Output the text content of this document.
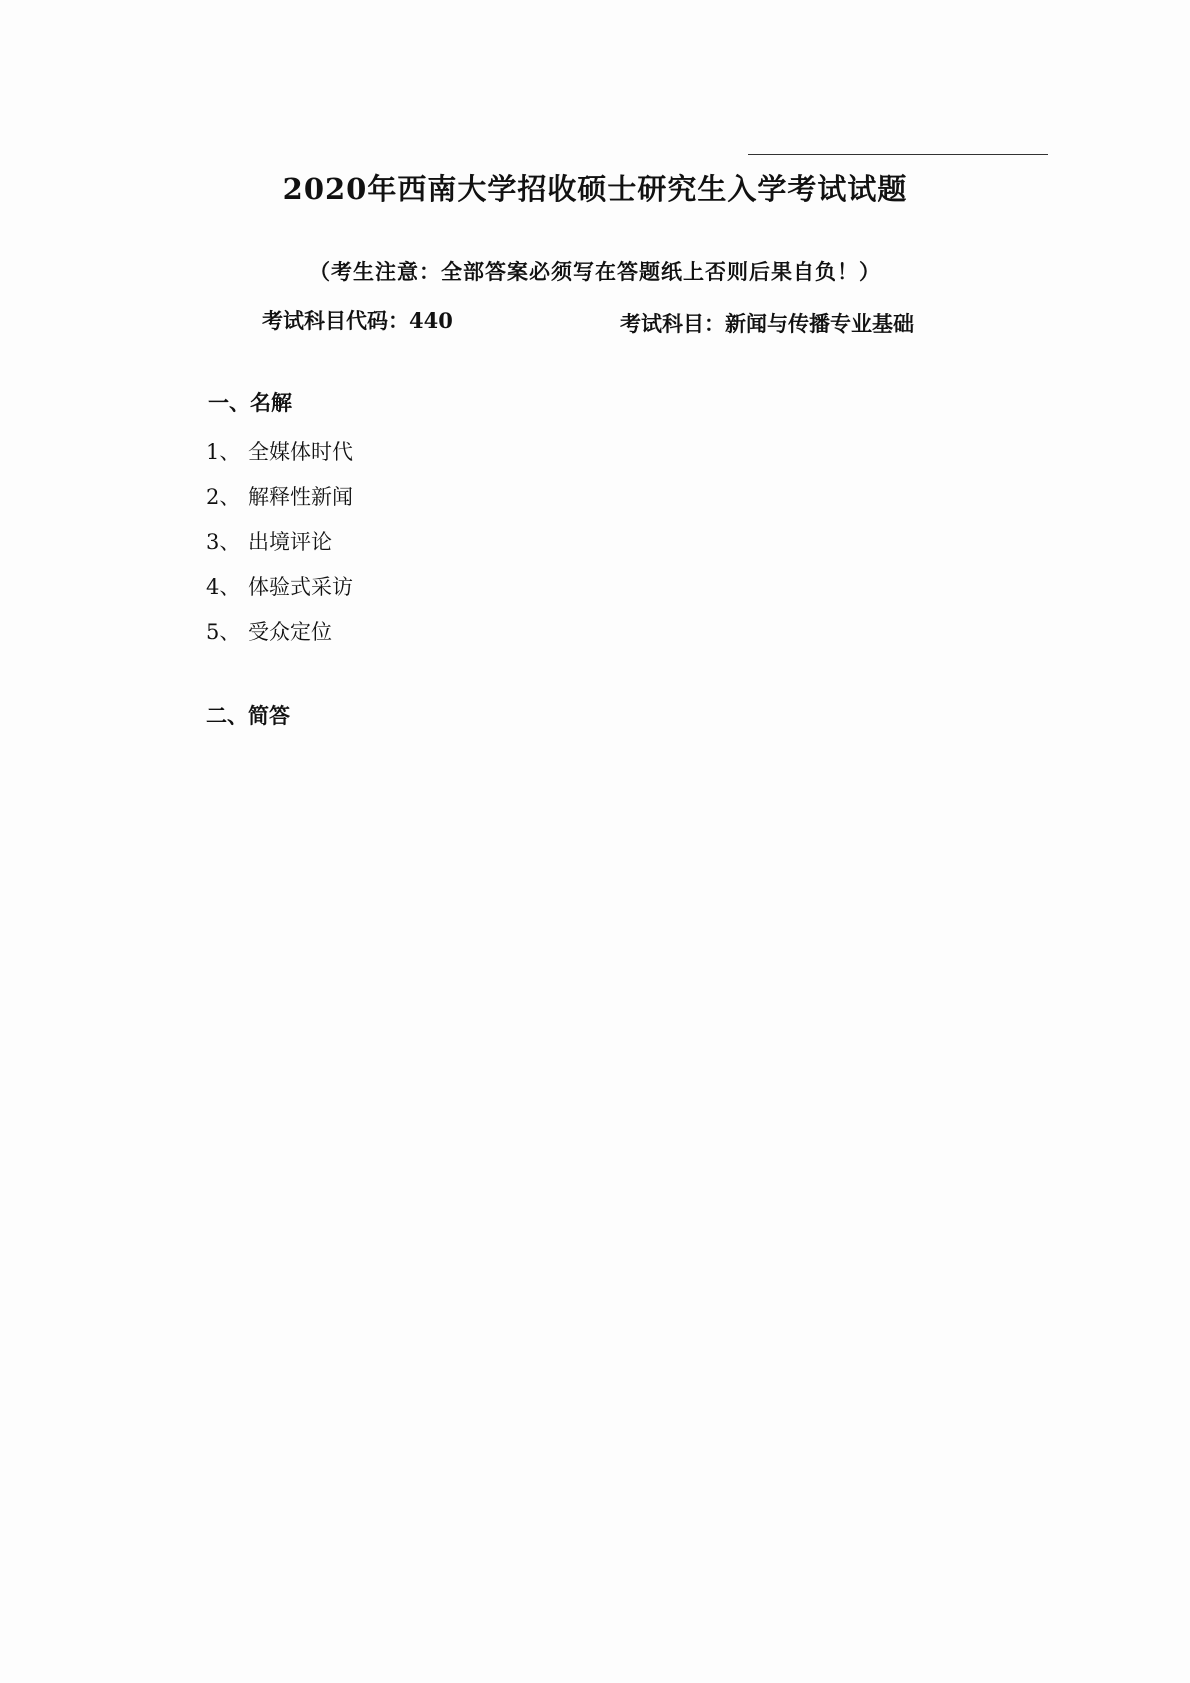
2020年西南大学招收硕士研究生入学考试试题
（考生注意：全部答案必须写在答题纸上否则后果自负！）
考试科目代码：440	考试科目：新闻与传播专业基础
一、名解
1、 全媒体时代
2、 解释性新闻
3、 出境评论
4、 体验式采访
5、 受众定位
二、简答
